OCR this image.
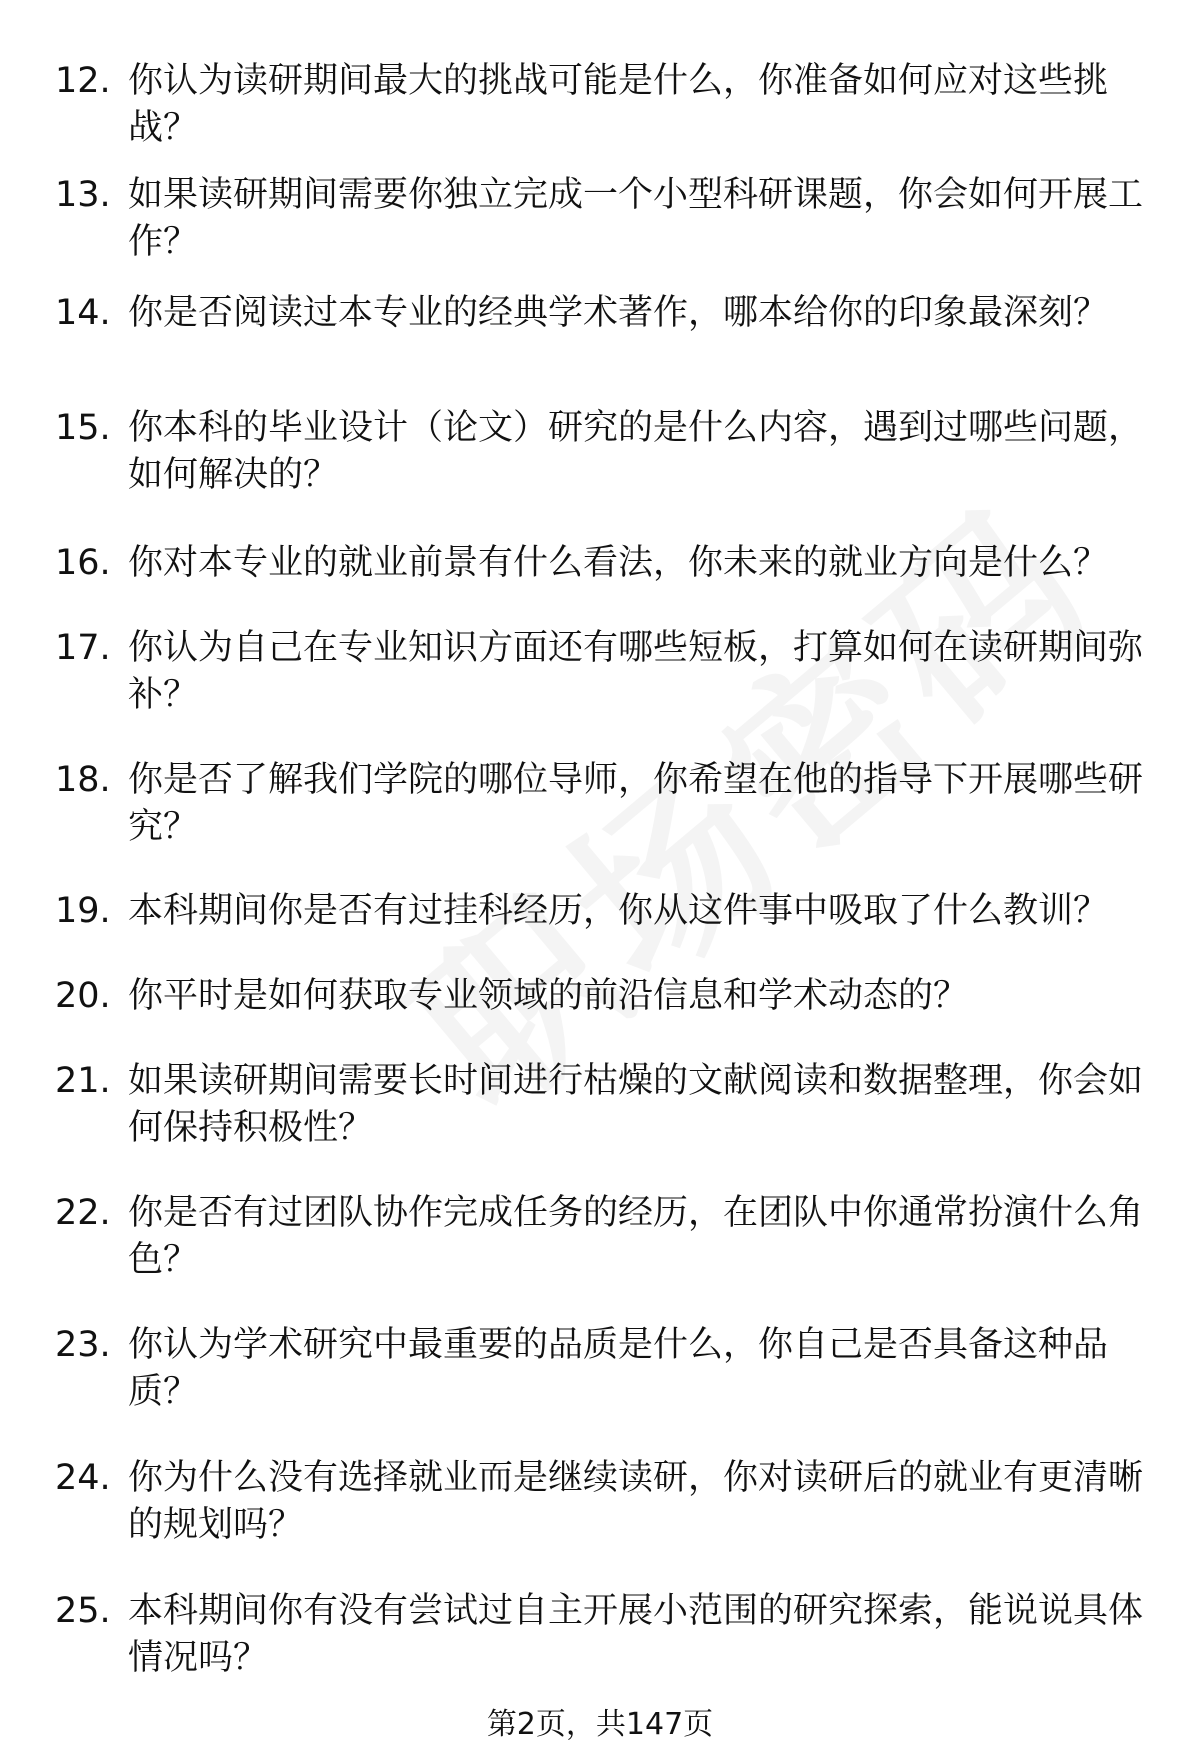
12. 你认为读研期间最大的挑战可能是什么，你准备如何应对这些挑战？
13. 如果读研期间需要你独立完成一个小型科研课题，你会如何开展工作？
14. 你是否阅读过本专业的经典学术著作，哪本给你的印象最深刻？
15. 你本科的毕业设计（论文）研究的是什么内容，遇到过哪些问题，如何解决的？
16. 你对本专业的就业前景有什么看法，你未来的就业方向是什么？
17. 你认为自己在专业知识方面还有哪些短板，打算如何在读研期间弥补？
18. 你是否了解我们学院的哪位导师，你希望在他的指导下开展哪些研究？
19. 本科期间你是否有过挂科经历，你从这件事中吸取了什么教训？
20. 你平时是如何获取专业领域的前沿信息和学术动态的？
21. 如果读研期间需要长时间进行枯燥的文献阅读和数据整理，你会如何保持积极性？
22. 你是否有过团队协作完成任务的经历，在团队中你通常扮演什么角色？
23. 你认为学术研究中最重要的品质是什么，你自己是否具备这种品质？
24. 你为什么没有选择就业而是继续读研，你对读研后的就业有更清晰的规划吗？
25. 本科期间你有没有尝试过自主开展小范围的研究探索，能说说具体情况吗？
第2页，共147页
